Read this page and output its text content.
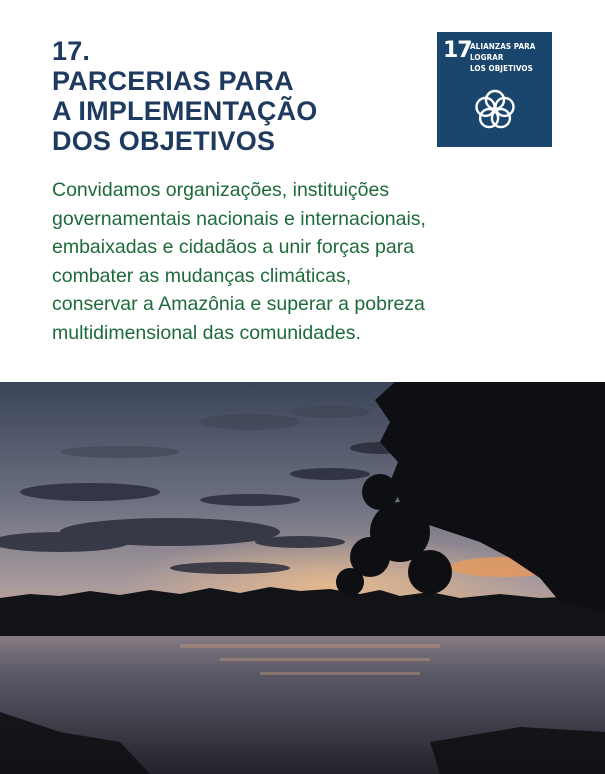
17.
PARCERIAS PARA
A IMPLEMENTAÇÃO
DOS OBJETIVOS
17
ALIANZAS PARA
LOGRAR
LOS OBJETIVOS
Convidamos organizações, instituições
governamentais nacionais e internacionais,
embaixadas e cidadãos a unir forças para
combater as mudanças climáticas,
conservar a Amazônia e superar a pobreza
multidimensional das comunidades.
